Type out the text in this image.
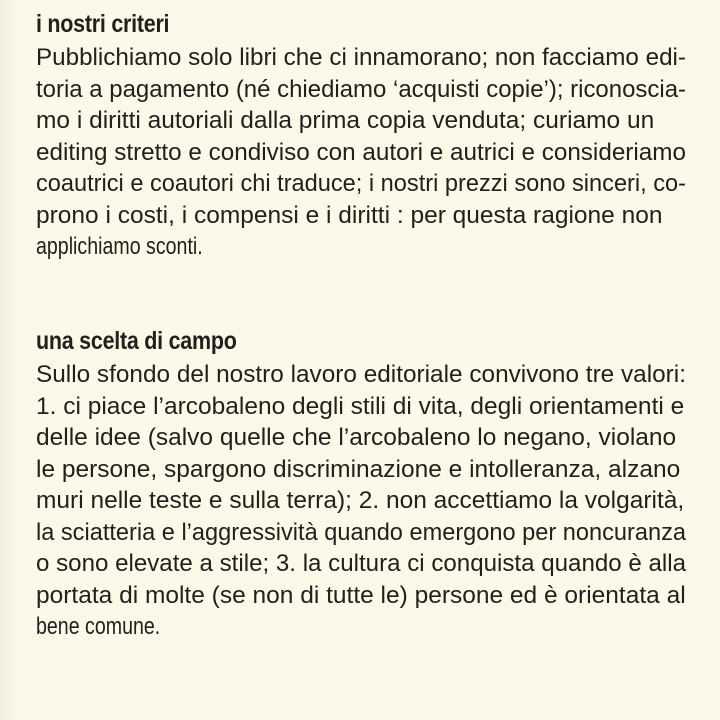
i nostri criteri
Pubblichiamo solo libri che ci innamorano; non facciamo edi-
toria a pagamento (né chiediamo ‘acquisti copie’); riconoscia-
mo i diritti autoriali dalla prima copia venduta; curiamo un
editing stretto e condiviso con autori e autrici e consideriamo
coautrici e coautori chi traduce; i nostri prezzi sono sinceri, co-
prono i costi, i compensi e i diritti : per questa ragione non
applichiamo sconti.
una scelta di campo
Sullo sfondo del nostro lavoro editoriale convivono tre valori:
1. ci piace l’arcobaleno degli stili di vita, degli orientamenti e
delle idee (salvo quelle che l’arcobaleno lo negano, violano
le persone, spargono discriminazione e intolleranza, alzano
muri nelle teste e sulla terra); 2. non accettiamo la volgarità,
la sciatteria e l’aggressività quando emergono per noncuranza
o sono elevate a stile; 3. la cultura ci conquista quando è alla
portata di molte (se non di tutte le) persone ed è orientata al
bene comune.
